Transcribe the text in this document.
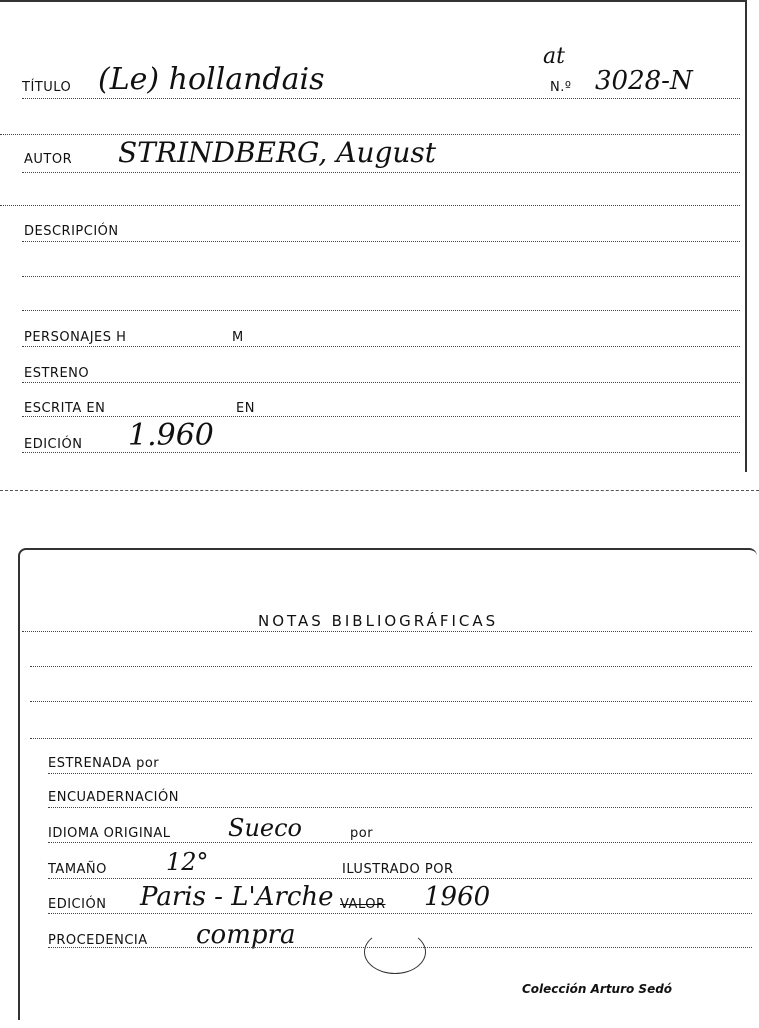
TÍTULO (Le) hollandais
at
N.º 3028-N
AUTOR STRINDBERG, August
DESCRIPCIÓN
PERSONAJES H	M
ESTRENO
ESCRITA EN	EN
EDICIÓN 1.960
NOTAS BIBLIOGRÁFICAS
ESTRENADA por
ENCUADERNACIÓN
IDIOMA ORIGINAL Sueco	por
TAMAÑO 12°	ILUSTRADO POR
EDICIÓN Paris - L'Arche VALOR 1960
PROCEDENCIA compra
Colección Arturo Sedó
